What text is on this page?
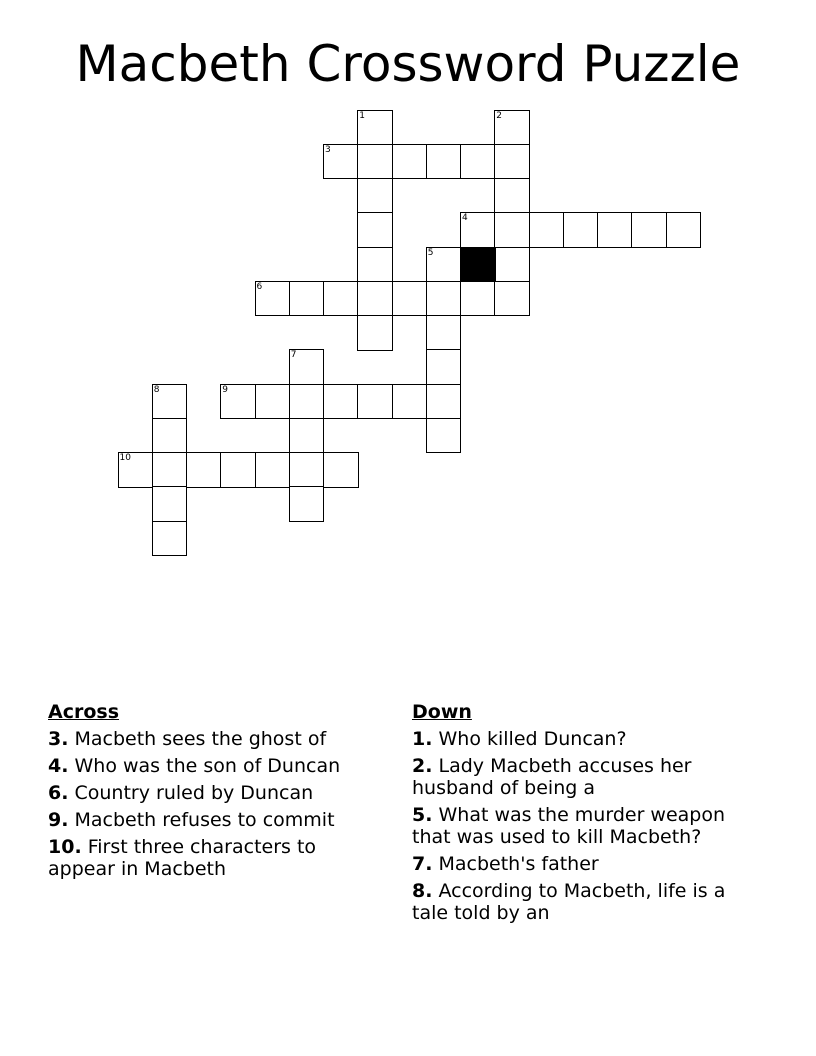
Macbeth Crossword Puzzle
1	2
3
4
5
6
7
8	9
10
Across
3. Macbeth sees the ghost of
4. Who was the son of Duncan
6. Country ruled by Duncan
9. Macbeth refuses to commit
10. First three characters to appear in Macbeth
Down
1. Who killed Duncan?
2. Lady Macbeth accuses her husband of being a
5. What was the murder weapon that was used to kill Macbeth?
7. Macbeth's father
8. According to Macbeth, life is a tale told by an
